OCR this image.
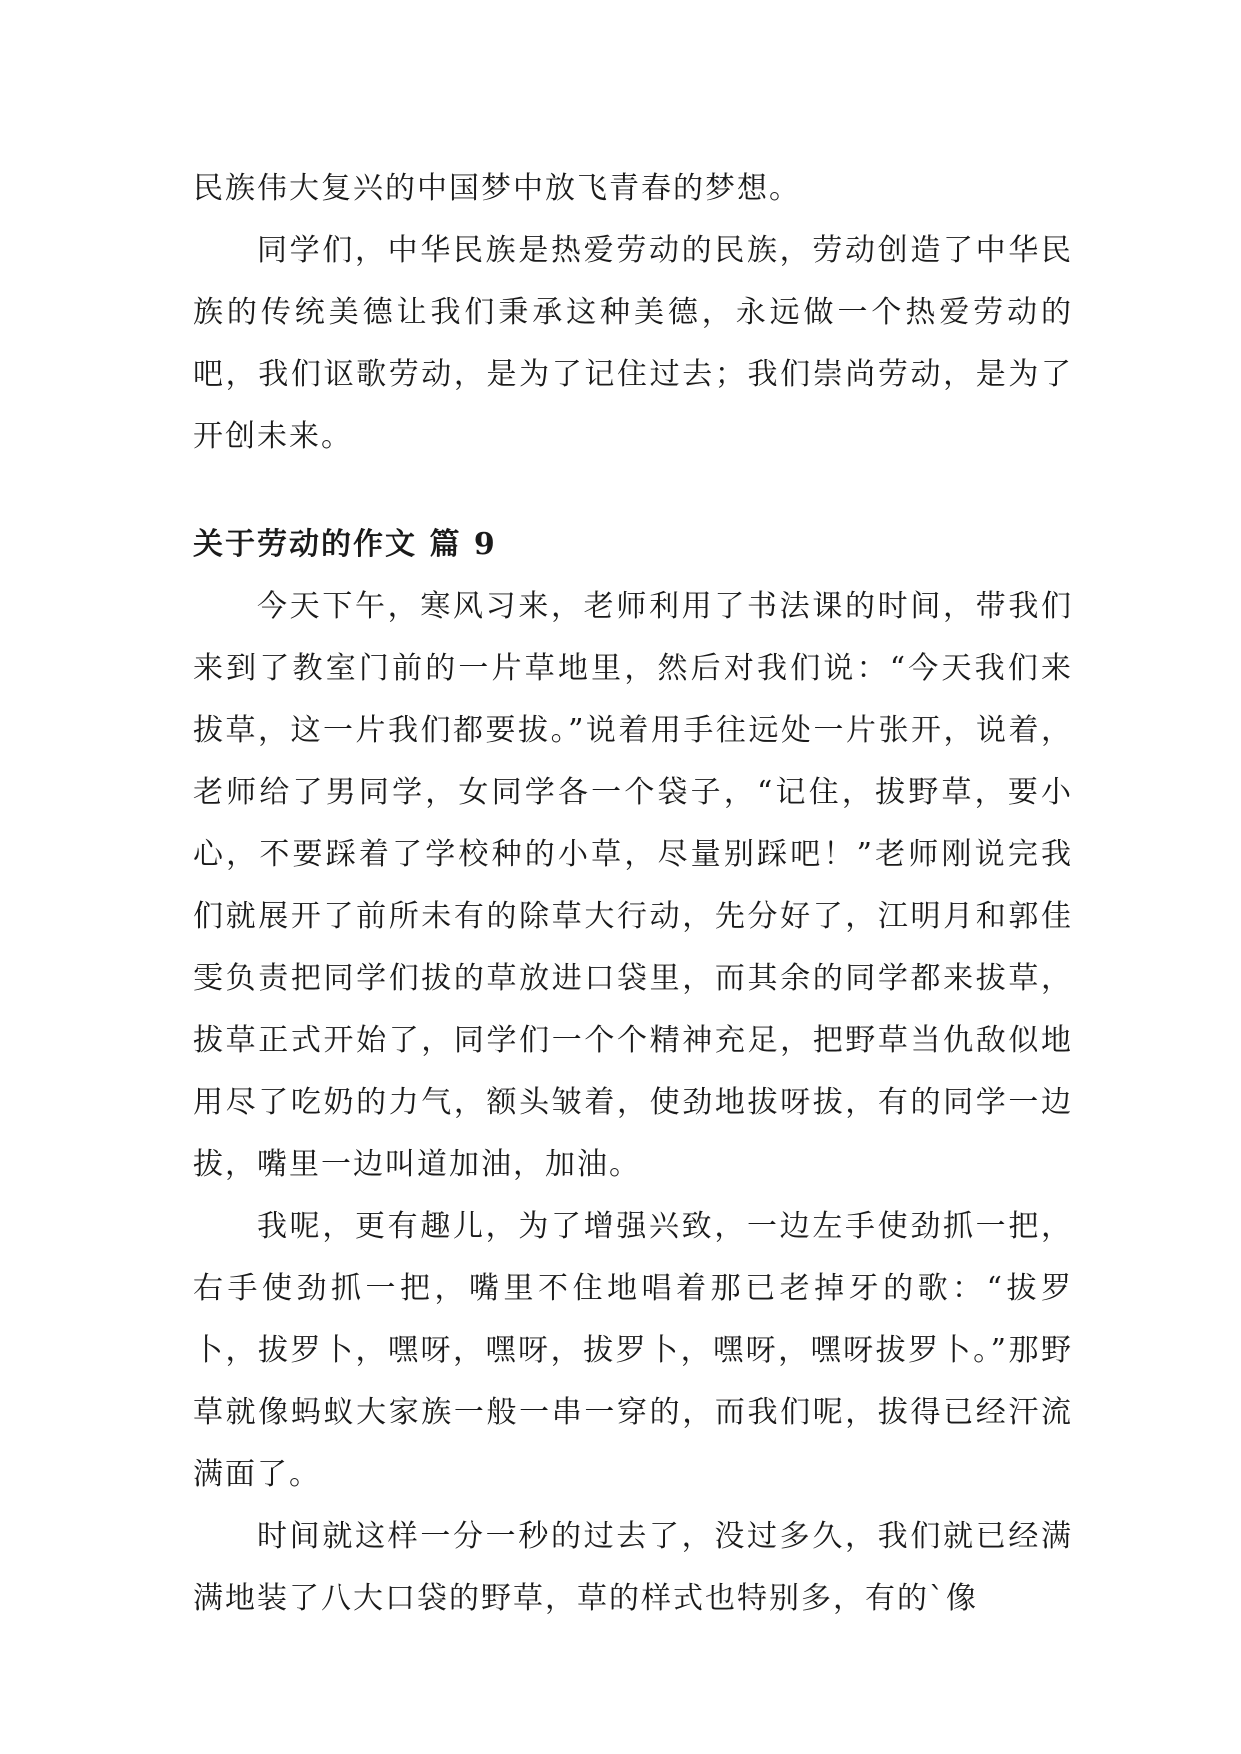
民族伟大复兴的中国梦中放飞青春的梦想。

同学们，中华民族是热爱劳动的民族，劳动创造了中华民族的传统美德让我们秉承这种美德，永远做一个热爱劳动的吧，我们讴歌劳动，是为了记住过去；我们崇尚劳动，是为了开创未来。

关于劳动的作文 篇 9

今天下午，寒风习来，老师利用了书法课的时间，带我们来到了教室门前的一片草地里，然后对我们说：“今天我们来拔草，这一片我们都要拔。”说着用手往远处一片张开，说着，老师给了男同学，女同学各一个袋子，“记住，拔野草，要小心，不要踩着了学校种的小草，尽量别踩吧！”老师刚说完我们就展开了前所未有的除草大行动，先分好了，江明月和郭佳雯负责把同学们拔的草放进口袋里，而其余的同学都来拔草，拔草正式开始了，同学们一个个精神充足，把野草当仇敌似地用尽了吃奶的力气，额头皱着，使劲地拔呀拔，有的同学一边拔，嘴里一边叫道加油，加油。

我呢，更有趣儿，为了增强兴致，一边左手使劲抓一把，右手使劲抓一把，嘴里不住地唱着那已老掉牙的歌：“拔罗卜，拔罗卜，嘿呀，嘿呀，拔罗卜，嘿呀，嘿呀拔罗卜。”那野草就像蚂蚁大家族一般一串一穿的，而我们呢，拔得已经汗流满面了。

时间就这样一分一秒的过去了，没过多久，我们就已经满满地装了八大口袋的野草，草的样式也特别多，有的`像
